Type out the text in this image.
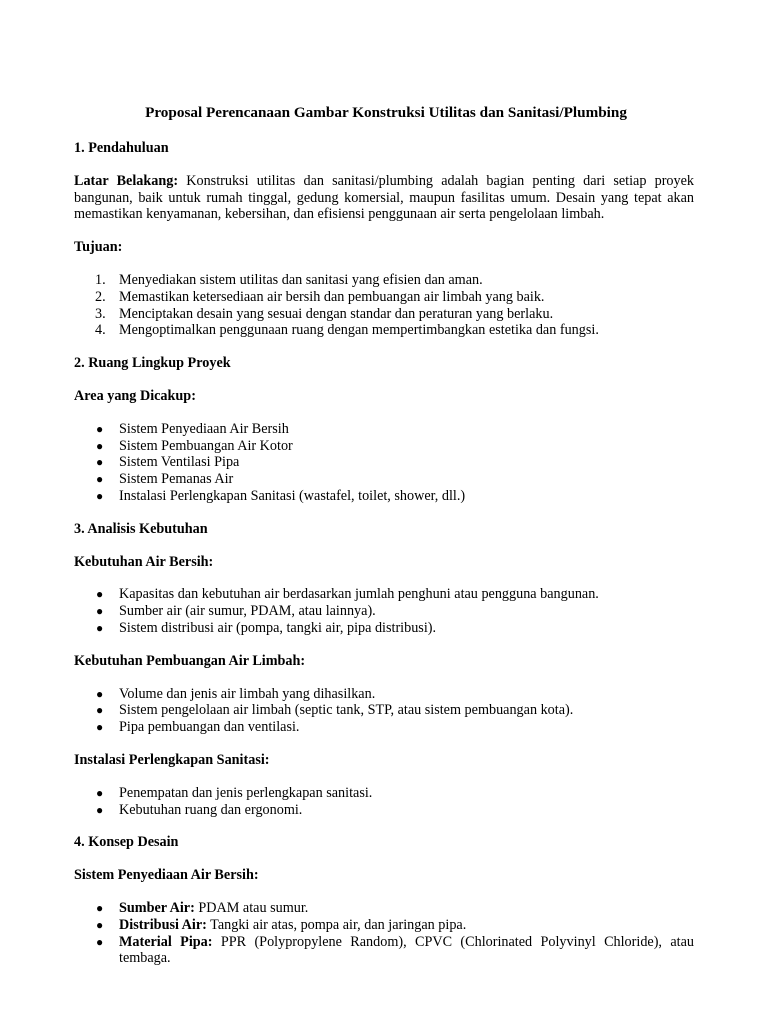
Proposal Perencanaan Gambar Konstruksi Utilitas dan Sanitasi/Plumbing
1. Pendahuluan

Latar Belakang: Konstruksi utilitas dan sanitasi/plumbing adalah bagian penting dari setiap proyek bangunan, baik untuk rumah tinggal, gedung komersial, maupun fasilitas umum. Desain yang tepat akan memastikan kenyamanan, kebersihan, dan efisiensi penggunaan air serta pengelolaan limbah.

Tujuan:
1. Menyediakan sistem utilitas dan sanitasi yang efisien dan aman.
2. Memastikan ketersediaan air bersih dan pembuangan air limbah yang baik.
3. Menciptakan desain yang sesuai dengan standar dan peraturan yang berlaku.
4. Mengoptimalkan penggunaan ruang dengan mempertimbangkan estetika dan fungsi.
2. Ruang Lingkup Proyek
Area yang Dicakup:
● Sistem Penyediaan Air Bersih
● Sistem Pembuangan Air Kotor
● Sistem Ventilasi Pipa
● Sistem Pemanas Air
● Instalasi Perlengkapan Sanitasi (wastafel, toilet, shower, dll.)
3. Analisis Kebutuhan
Kebutuhan Air Bersih:
● Kapasitas dan kebutuhan air berdasarkan jumlah penghuni atau pengguna bangunan.
● Sumber air (air sumur, PDAM, atau lainnya).
● Sistem distribusi air (pompa, tangki air, pipa distribusi).
Kebutuhan Pembuangan Air Limbah:
● Volume dan jenis air limbah yang dihasilkan.
● Sistem pengelolaan air limbah (septic tank, STP, atau sistem pembuangan kota).
● Pipa pembuangan dan ventilasi.
Instalasi Perlengkapan Sanitasi:
● Penempatan dan jenis perlengkapan sanitasi.
● Kebutuhan ruang dan ergonomi.
4. Konsep Desain
Sistem Penyediaan Air Bersih:
● Sumber Air: PDAM atau sumur.
● Distribusi Air: Tangki air atas, pompa air, dan jaringan pipa.
● Material Pipa: PPR (Polypropylene Random), CPVC (Chlorinated Polyvinyl Chloride), atau tembaga.
